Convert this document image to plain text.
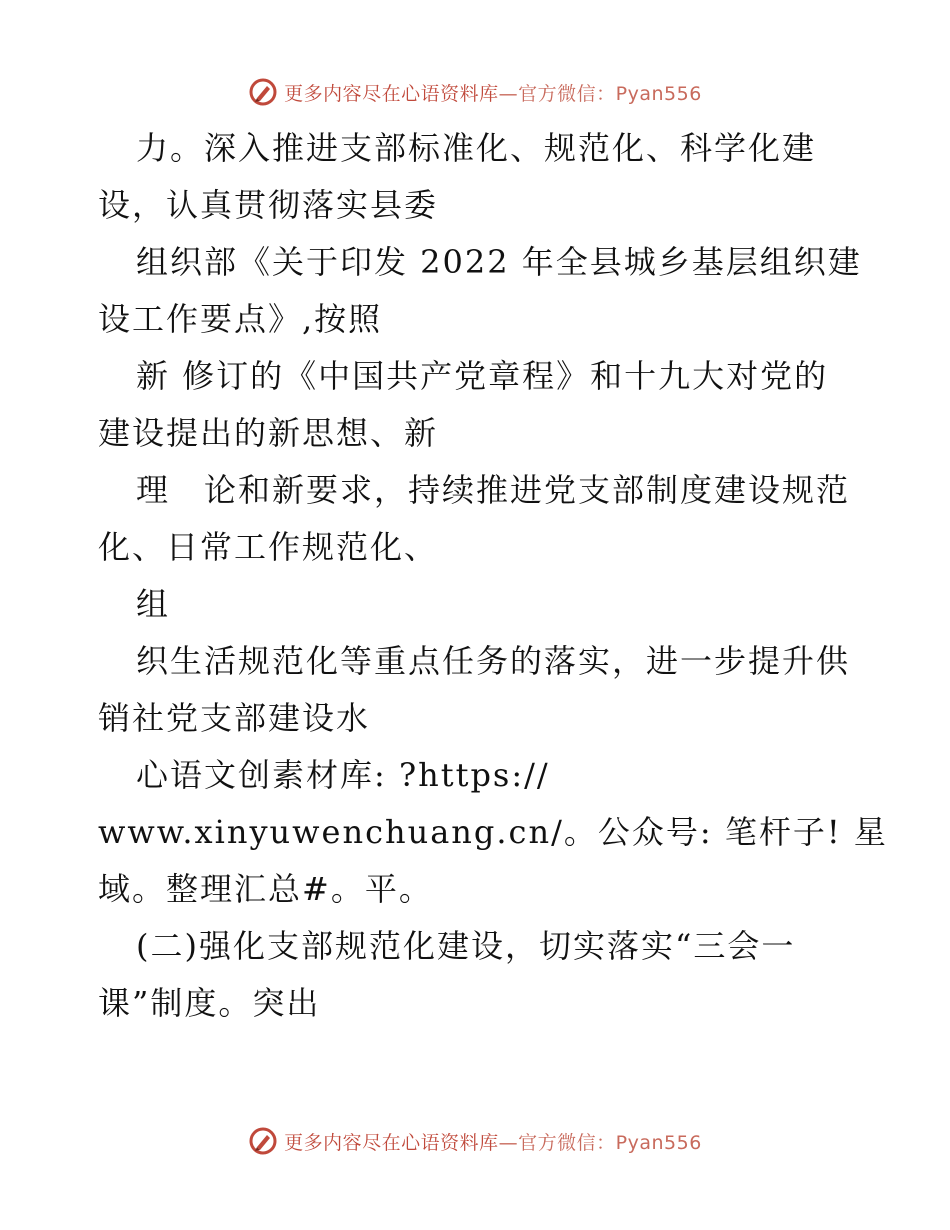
更多内容尽在心语资料库—官方微信：Pyan556
力。深入推进支部标准化、规范化、科学化建
设，认真贯彻落实县委
组织部《关于印发 2022 年全县城乡基层组织建
设工作要点》,按照
新 修订的《中国共产党章程》和十九大对党的
建设提出的新思想、新
理　论和新要求，持续推进党支部制度建设规范
化、日常工作规范化、
组
织生活规范化等重点任务的落实，进一步提升供
销社党支部建设水
心语文创素材库: ?https://
www.xinyuwenchuang.cn/。公众号: 笔杆子! 星
域。整理汇总#。平。
(二)强化支部规范化建设，切实落实“三会一
课”制度。突出
更多内容尽在心语资料库—官方微信：Pyan556
